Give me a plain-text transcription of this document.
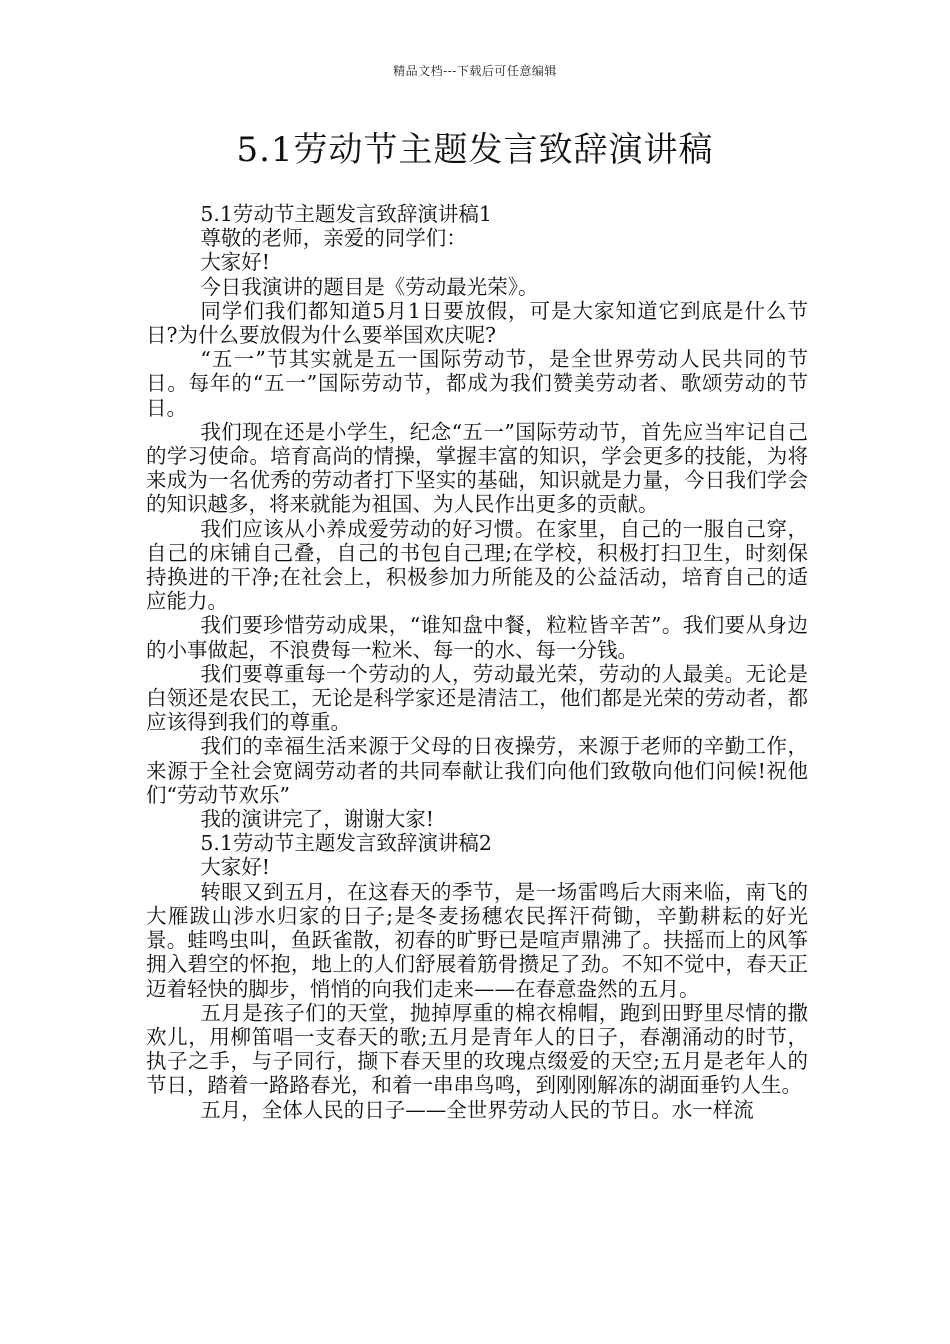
精品文档---下载后可任意编辑
5.1劳动节主题发言致辞演讲稿

5.1劳动节主题发言致辞演讲稿1

尊敬的老师，亲爱的同学们：

大家好!

今日我演讲的题目是《劳动最光荣》。

同学们我们都知道5月1日要放假，可是大家知道它到底是什么节日?为什么要放假为什么要举国欢庆呢?

“五一”节其实就是五一国际劳动节，是全世界劳动人民共同的节日。每年的“五一”国际劳动节，都成为我们赞美劳动者、歌颂劳动的节日。

我们现在还是小学生，纪念“五一”国际劳动节，首先应当牢记自己的学习使命。培育高尚的情操，掌握丰富的知识，学会更多的技能，为将来成为一名优秀的劳动者打下坚实的基础，知识就是力量，今日我们学会的知识越多，将来就能为祖国、为人民作出更多的贡献。

我们应该从小养成爱劳动的好习惯。在家里，自己的一服自己穿，自己的床铺自己叠，自己的书包自己理;在学校，积极打扫卫生，时刻保持换进的干净;在社会上，积极参加力所能及的公益活动，培育自己的适应能力。

我们要珍惜劳动成果，“谁知盘中餐，粒粒皆辛苦”。我们要从身边的小事做起，不浪费每一粒米、每一的水、每一分钱。

我们要尊重每一个劳动的人，劳动最光荣，劳动的人最美。无论是白领还是农民工，无论是科学家还是清洁工，他们都是光荣的劳动者，都应该得到我们的尊重。

我们的幸福生活来源于父母的日夜操劳，来源于老师的辛勤工作，来源于全社会宽阔劳动者的共同奉献让我们向他们致敬向他们问候!祝他们“劳动节欢乐”

我的演讲完了，谢谢大家!

5.1劳动节主题发言致辞演讲稿2

大家好!

转眼又到五月，在这春天的季节，是一场雷鸣后大雨来临，南飞的大雁跋山涉水归家的日子;是冬麦扬穗农民挥汗荷锄，辛勤耕耘的好光景。蛙鸣虫叫，鱼跃雀散，初春的旷野已是喧声鼎沸了。扶摇而上的风筝拥入碧空的怀抱，地上的人们舒展着筋骨攒足了劲。不知不觉中，春天正迈着轻快的脚步，悄悄的向我们走来——在春意盎然的五月。

五月是孩子们的天堂，抛掉厚重的棉衣棉帽，跑到田野里尽情的撒欢儿，用柳笛唱一支春天的歌;五月是青年人的日子，春潮涌动的时节，执子之手，与子同行，撷下春天里的玫瑰点缀爱的天空;五月是老年人的节日，踏着一路路春光，和着一串串鸟鸣，到刚刚解冻的湖面垂钓人生。

五月，全体人民的日子——全世界劳动人民的节日。水一样流
